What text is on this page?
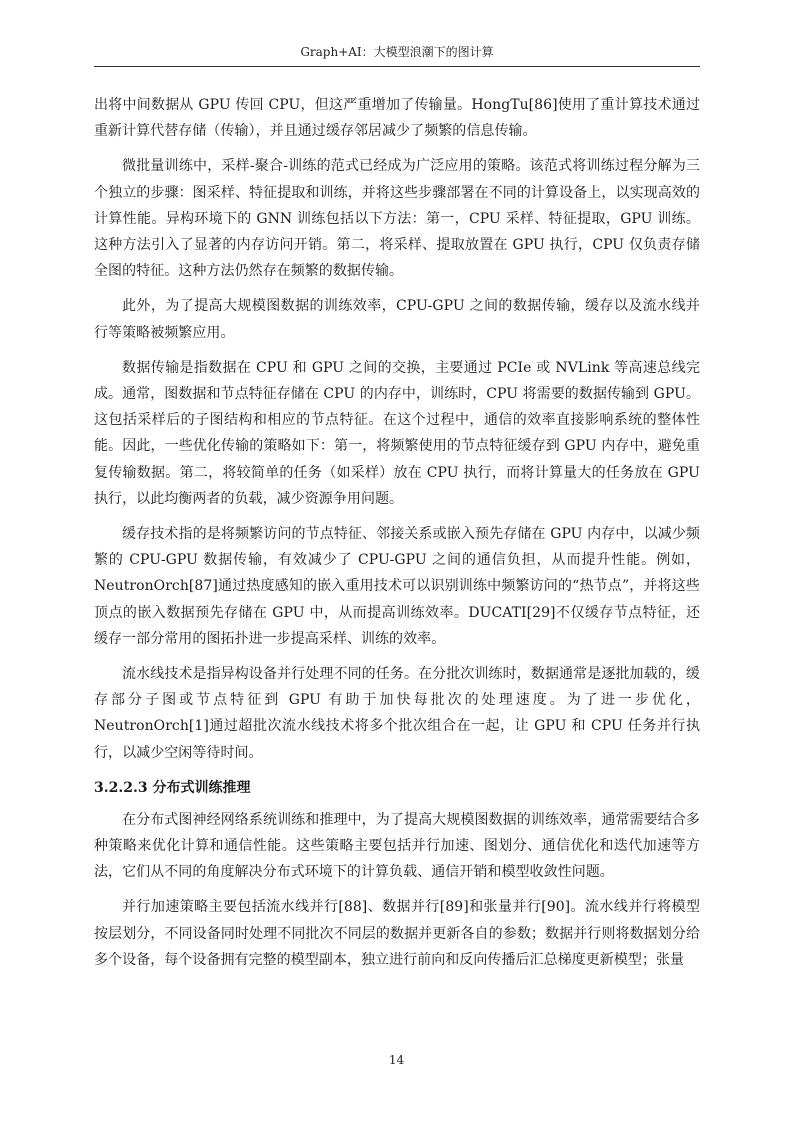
Graph+AI：大模型浪潮下的图计算

出将中间数据从 GPU 传回 CPU，但这严重增加了传输量。HongTu[86]使用了重计算技术通过重新计算代替存储（传输），并且通过缓存邻居减少了频繁的信息传输。

微批量训练中，采样-聚合-训练的范式已经成为广泛应用的策略。该范式将训练过程分解为三个独立的步骤：图采样、特征提取和训练，并将这些步骤部署在不同的计算设备上，以实现高效的计算性能。异构环境下的 GNN 训练包括以下方法：第一，CPU 采样、特征提取，GPU 训练。这种方法引入了显著的内存访问开销。第二，将采样、提取放置在 GPU 执行，CPU 仅负责存储全图的特征。这种方法仍然存在频繁的数据传输。

此外，为了提高大规模图数据的训练效率，CPU-GPU 之间的数据传输，缓存以及流水线并行等策略被频繁应用。

数据传输是指数据在 CPU 和 GPU 之间的交换，主要通过 PCIe 或 NVLink 等高速总线完成。通常，图数据和节点特征存储在 CPU 的内存中，训练时，CPU 将需要的数据传输到 GPU。这包括采样后的子图结构和相应的节点特征。在这个过程中，通信的效率直接影响系统的整体性能。因此，一些优化传输的策略如下：第一，将频繁使用的节点特征缓存到 GPU 内存中，避免重复传输数据。第二，将较简单的任务（如采样）放在 CPU 执行，而将计算量大的任务放在 GPU 执行，以此均衡两者的负载，减少资源争用问题。

缓存技术指的是将频繁访问的节点特征、邻接关系或嵌入预先存储在 GPU 内存中，以减少频繁的 CPU-GPU 数据传输，有效减少了 CPU-GPU 之间的通信负担，从而提升性能。例如，NeutronOrch[87]通过热度感知的嵌入重用技术可以识别训练中频繁访问的“热节点”，并将这些顶点的嵌入数据预先存储在 GPU 中，从而提高训练效率。DUCATI[29]不仅缓存节点特征，还缓存一部分常用的图拓扑进一步提高采样、训练的效率。

流水线技术是指异构设备并行处理不同的任务。在分批次训练时，数据通常是逐批加载的，缓存部分子图或节点特征到 GPU 有助于加快每批次的处理速度。为了进一步优化，NeutronOrch[1]通过超批次流水线技术将多个批次组合在一起，让 GPU 和 CPU 任务并行执行，以减少空闲等待时间。

3.2.2.3 分布式训练推理

在分布式图神经网络系统训练和推理中，为了提高大规模图数据的训练效率，通常需要结合多种策略来优化计算和通信性能。这些策略主要包括并行加速、图划分、通信优化和迭代加速等方法，它们从不同的角度解决分布式环境下的计算负载、通信开销和模型收敛性问题。

并行加速策略主要包括流水线并行[88]、数据并行[89]和张量并行[90]。流水线并行将模型按层划分，不同设备同时处理不同批次不同层的数据并更新各自的参数；数据并行则将数据划分给多个设备，每个设备拥有完整的模型副本，独立进行前向和反向传播后汇总梯度更新模型；张量

14
